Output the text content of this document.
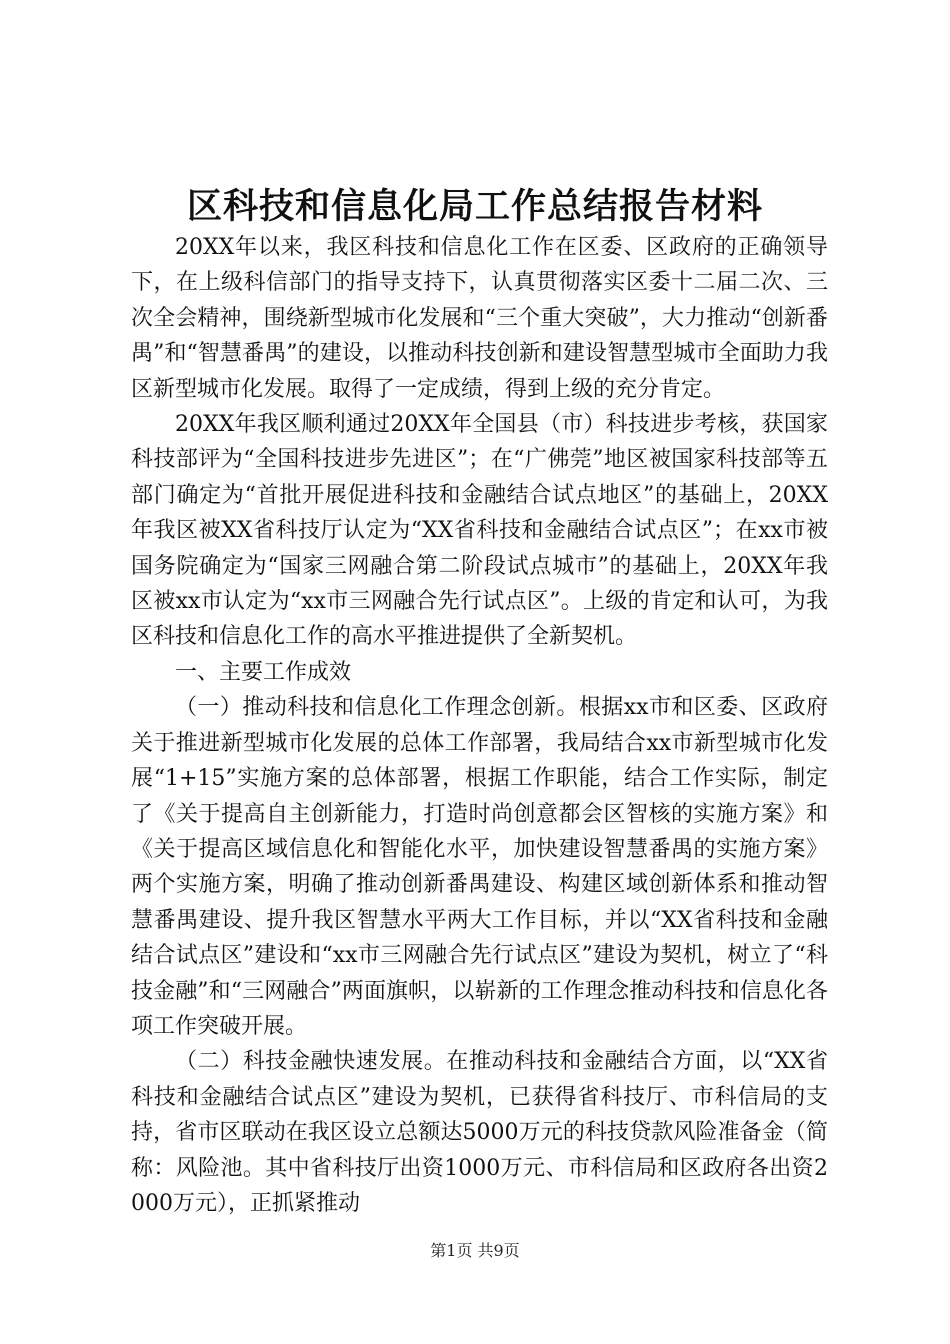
区科技和信息化局工作总结报告材料

20XX年以来，我区科技和信息化工作在区委、区政府的正确领导下，在上级科信部门的指导支持下，认真贯彻落实区委十二届二次、三次全会精神，围绕新型城市化发展和“三个重大突破”，大力推动“创新番禺”和“智慧番禺”的建设，以推动科技创新和建设智慧型城市全面助力我区新型城市化发展。取得了一定成绩，得到上级的充分肯定。

20XX年我区顺利通过20XX年全国县（市）科技进步考核，获国家科技部评为“全国科技进步先进区”；在“广佛莞”地区被国家科技部等五部门确定为“首批开展促进科技和金融结合试点地区”的基础上，20XX年我区被XX省科技厅认定为“XX省科技和金融结合试点区”；在xx市被国务院确定为“国家三网融合第二阶段试点城市”的基础上，20XX年我区被xx市认定为“xx市三网融合先行试点区”。上级的肯定和认可，为我区科技和信息化工作的高水平推进提供了全新契机。

一、主要工作成效

（一）推动科技和信息化工作理念创新。根据xx市和区委、区政府关于推进新型城市化发展的总体工作部署，我局结合xx市新型城市化发展“1+15”实施方案的总体部署，根据工作职能，结合工作实际，制定了《关于提高自主创新能力，打造时尚创意都会区智核的实施方案》和《关于提高区域信息化和智能化水平，加快建设智慧番禺的实施方案》两个实施方案，明确了推动创新番禺建设、构建区域创新体系和推动智慧番禺建设、提升我区智慧水平两大工作目标，并以“XX省科技和金融结合试点区”建设和“xx市三网融合先行试点区”建设为契机，树立了“科技金融”和“三网融合”两面旗帜，以崭新的工作理念推动科技和信息化各项工作突破开展。

（二）科技金融快速发展。在推动科技和金融结合方面，以“XX省科技和金融结合试点区”建设为契机，已获得省科技厅、市科信局的支持，省市区联动在我区设立总额达5000万元的科技贷款风险准备金（简称：风险池。其中省科技厅出资1000万元、市科信局和区政府各出资2000万元），正抓紧推动

第1页 共9页
